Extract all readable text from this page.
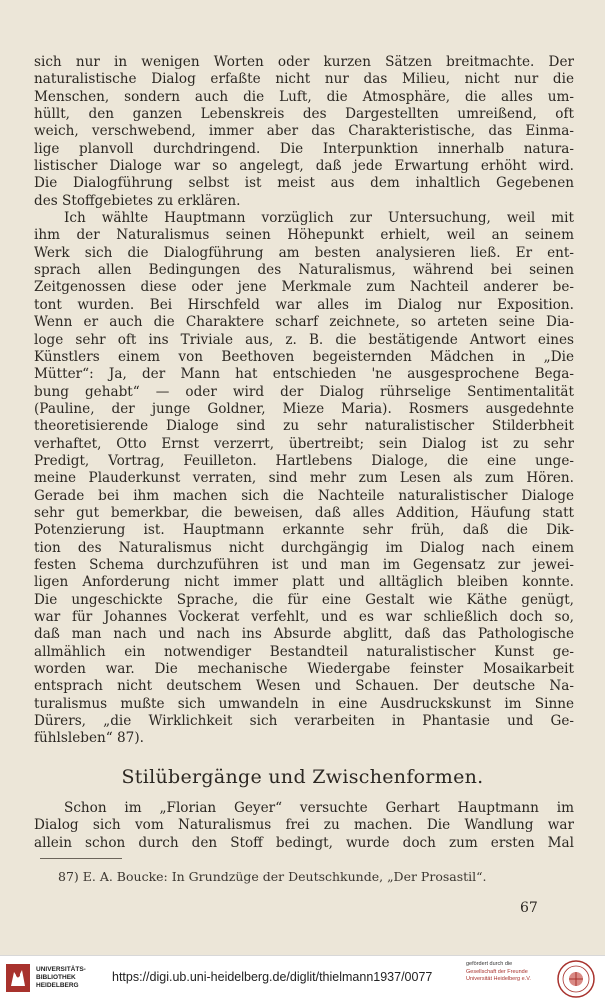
sich nur in wenigen Worten oder kurzen Sätzen breitmachte. Der
naturalistische Dialog erfaßte nicht nur das Milieu, nicht nur die
Menschen, sondern auch die Luft, die Atmosphäre, die alles um-
hüllt, den ganzen Lebenskreis des Dargestellten umreißend, oft
weich, verschwebend, immer aber das Charakteristische, das Einma-
lige planvoll durchdringend. Die Interpunktion innerhalb natura-
listischer Dialoge war so angelegt, daß jede Erwartung erhöht wird.
Die Dialogführung selbst ist meist aus dem inhaltlich Gegebenen
des Stoffgebietes zu erklären.
Ich wählte Hauptmann vorzüglich zur Untersuchung, weil mit
ihm der Naturalismus seinen Höhepunkt erhielt, weil an seinem
Werk sich die Dialogführung am besten analysieren ließ. Er ent-
sprach allen Bedingungen des Naturalismus, während bei seinen
Zeitgenossen diese oder jene Merkmale zum Nachteil anderer be-
tont wurden. Bei Hirschfeld war alles im Dialog nur Exposition.
Wenn er auch die Charaktere scharf zeichnete, so arteten seine Dia-
loge sehr oft ins Triviale aus, z. B. die bestätigende Antwort eines
Künstlers einem von Beethoven begeisternden Mädchen in „Die
Mütter“: Ja, der Mann hat entschieden 'ne ausgesprochene Bega-
bung gehabt“ — oder wird der Dialog rührselige Sentimentalität
(Pauline, der junge Goldner, Mieze Maria). Rosmers ausgedehnte
theoretisierende Dialoge sind zu sehr naturalistischer Stilderbheit
verhaftet, Otto Ernst verzerrt, übertreibt; sein Dialog ist zu sehr
Predigt, Vortrag, Feuilleton. Hartlebens Dialoge, die eine unge-
meine Plauderkunst verraten, sind mehr zum Lesen als zum Hören.
Gerade bei ihm machen sich die Nachteile naturalistischer Dialoge
sehr gut bemerkbar, die beweisen, daß alles Addition, Häufung statt
Potenzierung ist. Hauptmann erkannte sehr früh, daß die Dik-
tion des Naturalismus nicht durchgängig im Dialog nach einem
festen Schema durchzuführen ist und man im Gegensatz zur jewei-
ligen Anforderung nicht immer platt und alltäglich bleiben konnte.
Die ungeschickte Sprache, die für eine Gestalt wie Käthe genügt,
war für Johannes Vockerat verfehlt, und es war schließlich doch so,
daß man nach und nach ins Absurde abglitt, daß das Pathologische
allmählich ein notwendiger Bestandteil naturalistischer Kunst ge-
worden war. Die mechanische Wiedergabe feinster Mosaikarbeit
entsprach nicht deutschem Wesen und Schauen. Der deutsche Na-
turalismus mußte sich umwandeln in eine Ausdruckskunst im Sinne
Dürers, „die Wirklichkeit sich verarbeiten in Phantasie und Ge-
fühlsleben“ 87).
Stilübergänge und Zwischenformen.
Schon im „Florian Geyer“ versuchte Gerhart Hauptmann im
Dialog sich vom Naturalismus frei zu machen. Die Wandlung war
allein schon durch den Stoff bedingt, wurde doch zum ersten Mal
87) E. A. Boucke: In Grundzüge der Deutschkunde, „Der Prosastil“.
67
UNIVERSITÄTS-
BIBLIOTHEK
HEIDELBERG
https://digi.ub.uni-heidelberg.de/diglit/thielmann1937/0077
gefördert durch die
Gesellschaft der Freunde
Universität Heidelberg e.V.
